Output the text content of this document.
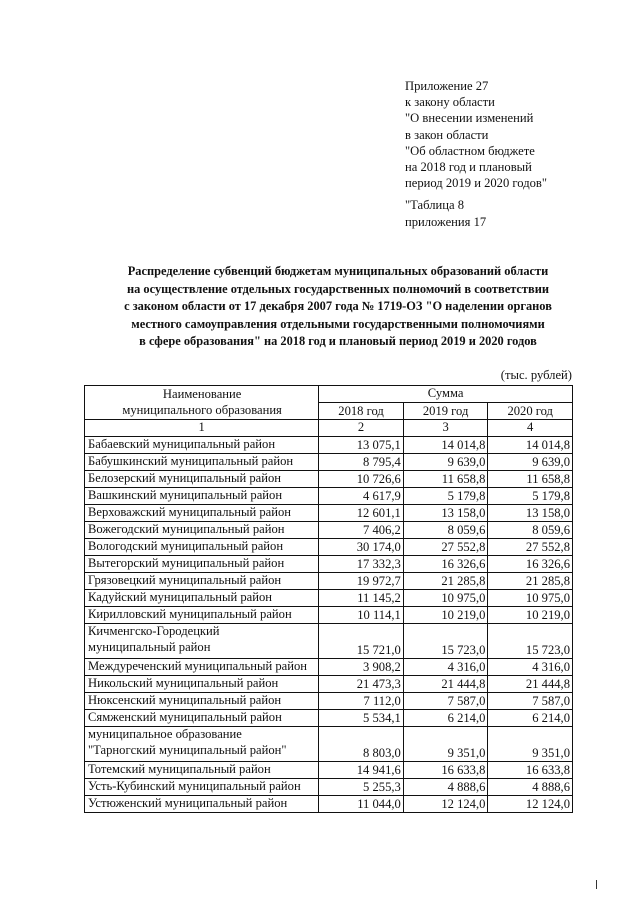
Приложение 27
к закону области
"О внесении изменений
в закон области
"Об областном бюджете
на 2018 год и плановый
период 2019 и 2020 годов"
"Таблица 8
приложения 17
Распределение субвенций бюджетам муниципальных образований области
на осуществление отдельных государственных полномочий в соответствии
с законом области от 17 декабря 2007 года № 1719-ОЗ "О наделении органов
местного самоуправления отдельными государственными полномочиями
в сфере образования" на 2018 год и плановый период 2019 и 2020 годов
(тыс. рублей)
Наименование
муниципального образования	Сумма		
	2018 год	2019 год	2020 год
1	2	3	4

Бабаевский муниципальный район	13 075,1	14 014,8	14 014,8

Бабушкинский муниципальный район	8 795,4	9 639,0	9 639,0

Белозерский муниципальный район	10 726,6	11 658,8	11 658,8

Вашкинский муниципальный район	4 617,9	5 179,8	5 179,8

Верховажский муниципальный район	12 601,1	13 158,0	13 158,0

Вожегодский муниципальный район	7 406,2	8 059,6	8 059,6

Вологодский муниципальный район	30 174,0	27 552,8	27 552,8

Вытегорский муниципальный район	17 332,3	16 326,6	16 326,6

Грязовецкий муниципальный район	19 972,7	21 285,8	21 285,8

Кадуйский муниципальный район	11 145,2	10 975,0	10 975,0

Кирилловский муниципальный район	10 114,1	10 219,0	10 219,0

Кичменгско-Городецкий
муниципальный район	15 721,0	15 723,0	15 723,0

Междуреченский муниципальный район	3 908,2	4 316,0	4 316,0

Никольский муниципальный район	21 473,3	21 444,8	21 444,8

Нюксенский муниципальный район	7 112,0	7 587,0	7 587,0

Сямженский муниципальный район	5 534,1	6 214,0	6 214,0

муниципальное образование
"Тарногский муниципальный район"	8 803,0	9 351,0	9 351,0

Тотемский муниципальный район	14 941,6	16 633,8	16 633,8

Усть-Кубинский муниципальный район	5 255,3	4 888,6	4 888,6

Устюженский муниципальный район	11 044,0	12 124,0	12 124,0
